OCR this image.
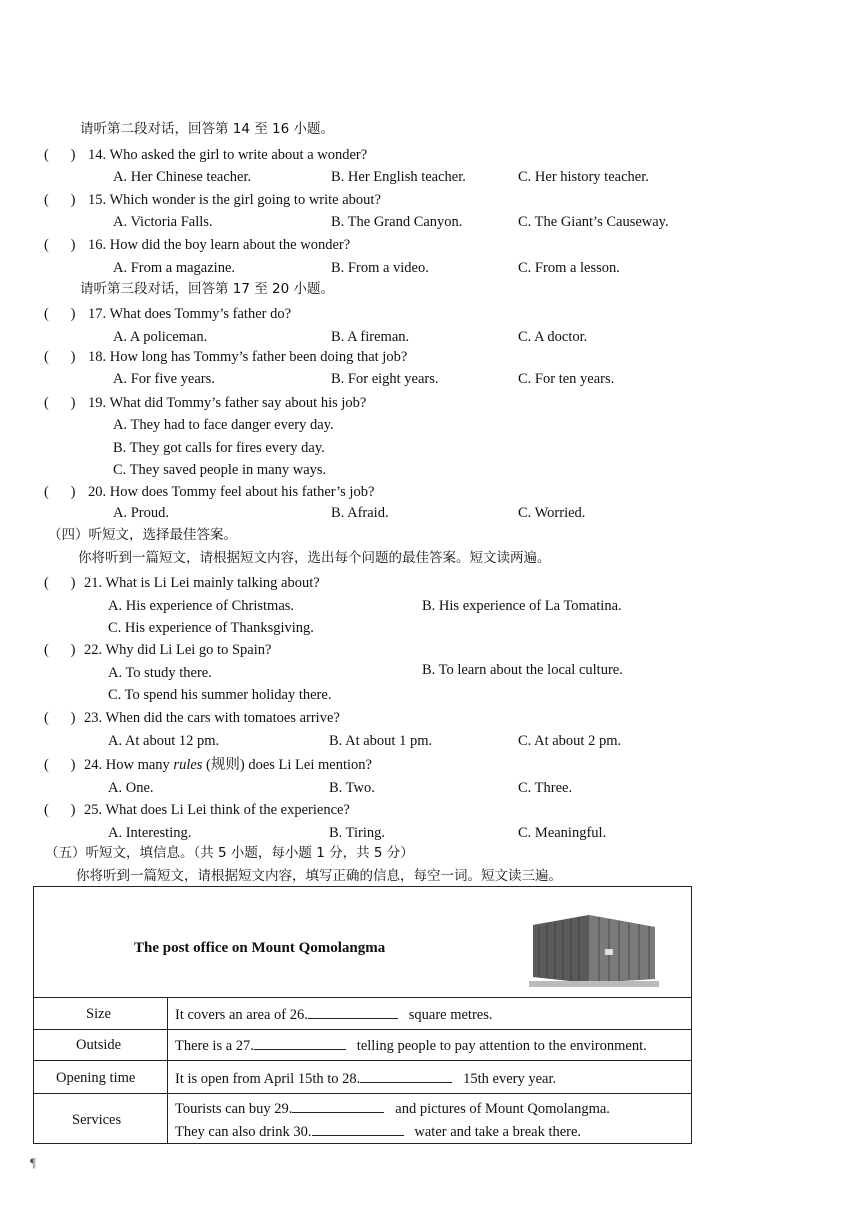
请听第二段对话，回答第 14 至 16 小题。
(      ) 14. Who asked the girl to write about a wonder?
A. Her Chinese teacher.	B. Her English teacher.	C. Her history teacher.
(      ) 15. Which wonder is the girl going to write about?
A. Victoria Falls.	B. The Grand Canyon.	C. The Giant’s Causeway.
(      ) 16. How did the boy learn about the wonder?
A. From a magazine.	B. From a video.	C. From a lesson.
请听第三段对话，回答第 17 至 20 小题。
(      ) 17. What does Tommy’s father do?
A. A policeman.	B. A fireman.	C. A doctor.
(      ) 18. How long has Tommy’s father been doing that job?
A. For five years.	B. For eight years.	C. For ten years.
(      ) 19. What did Tommy’s father say about his job?
A. They had to face danger every day.
B. They got calls for fires every day.
C. They saved people in many ways.
(      ) 20. How does Tommy feel about his father’s job?
A. Proud.	B. Afraid.	C. Worried.
（四）听短文，选择最佳答案。
你将听到一篇短文，请根据短文内容，选出每个问题的最佳答案。短文读两遍。
(      ) 21. What is Li Lei mainly talking about?
A. His experience of Christmas.	B. His experience of La Tomatina.
C. His experience of Thanksgiving.
(      ) 22. Why did Li Lei go to Spain?
A. To study there.	B. To learn about the local culture.
C. To spend his summer holiday there.
(      ) 23. When did the cars with tomatoes arrive?
A. At about 12 pm.	B. At about 1 pm.	C. At about 2 pm.
(      ) 24. How many rules (规则) does Li Lei mention?
A. One.	B. Two.	C. Three.
(      ) 25. What does Li Lei think of the experience?
A. Interesting.	B. Tiring.	C. Meaningful.
（五）听短文，填信息。（共 5 小题，每小题 1 分，共 5 分）
你将听到一篇短文，请根据短文内容，填写正确的信息，每空一词。短文读三遍。
The post office on Mount Qomolangma
Size	It covers an area of 26.	square metres.
Outside	There is a 27.	telling people to pay attention to the environment.
Opening time	It is open from April 15th to 28.	15th every year.
Services
Tourists can buy 29.	and pictures of Mount Qomolangma.
They can also drink 30.	water and take a break there.
¶
